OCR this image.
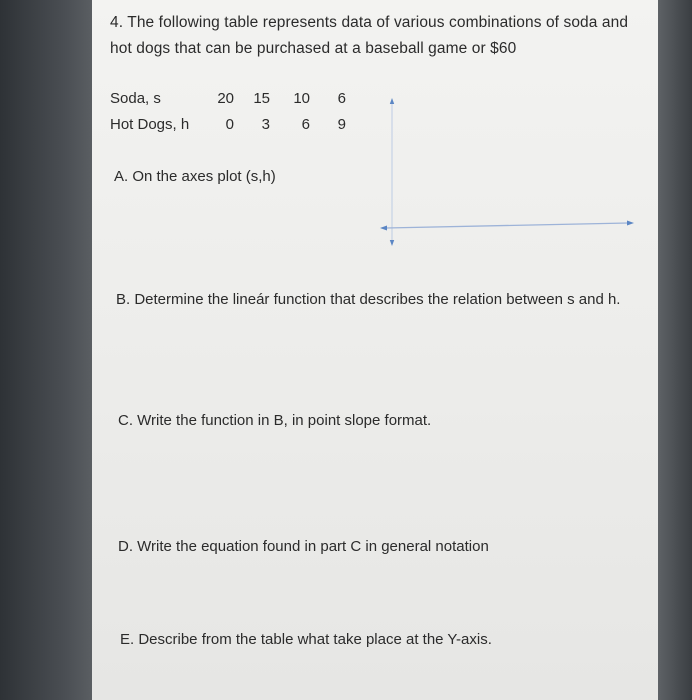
4. The following table represents data of various combinations of soda and hot dogs that can be purchased at a baseball game or $60
Soda, s	20	15	10	6
Hot Dogs, h	0	3	6	9
A. On the axes plot (s,h)
B. Determine the lineár function that describes the relation between s and h.
C. Write the function in B, in point slope format.
D. Write the equation found in part C in general notation
E. Describe from the table what take place at the Y-axis.
